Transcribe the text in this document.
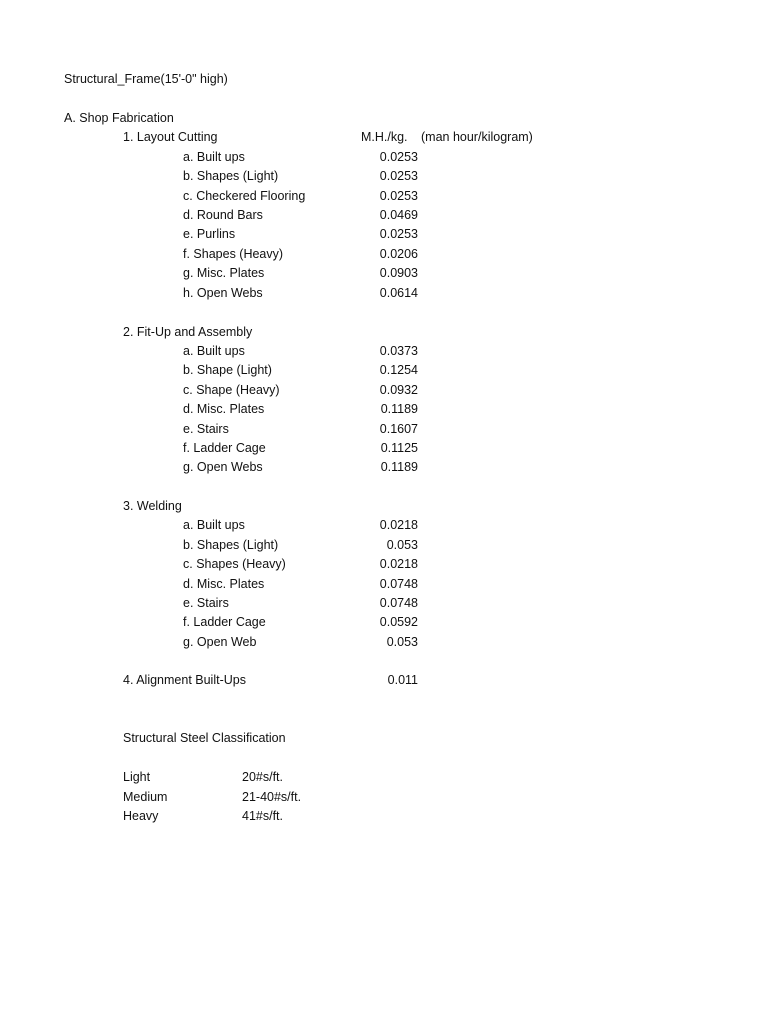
Structural_Frame(15'-0" high)
A. Shop Fabrication
1. Layout Cutting	M.H./kg. (man hour/kilogram)
a. Built ups	0.0253
b. Shapes (Light)	0.0253
c. Checkered Flooring	0.0253
d. Round Bars	0.0469
e. Purlins	0.0253
f. Shapes (Heavy)	0.0206
g. Misc. Plates	0.0903
h. Open Webs	0.0614
2. Fit-Up and Assembly
a. Built ups	0.0373
b. Shape (Light)	0.1254
c. Shape (Heavy)	0.0932
d. Misc. Plates	0.1189
e. Stairs	0.1607
f. Ladder Cage	0.1125
g. Open Webs	0.1189
3. Welding
a. Built ups	0.0218
b. Shapes (Light)	0.053
c. Shapes (Heavy)	0.0218
d. Misc. Plates	0.0748
e. Stairs	0.0748
f. Ladder Cage	0.0592
g. Open Web	0.053
4. Alignment Built-Ups	0.011
Structural Steel Classification
Light	20#s/ft.
Medium	21-40#s/ft.
Heavy	41#s/ft.
